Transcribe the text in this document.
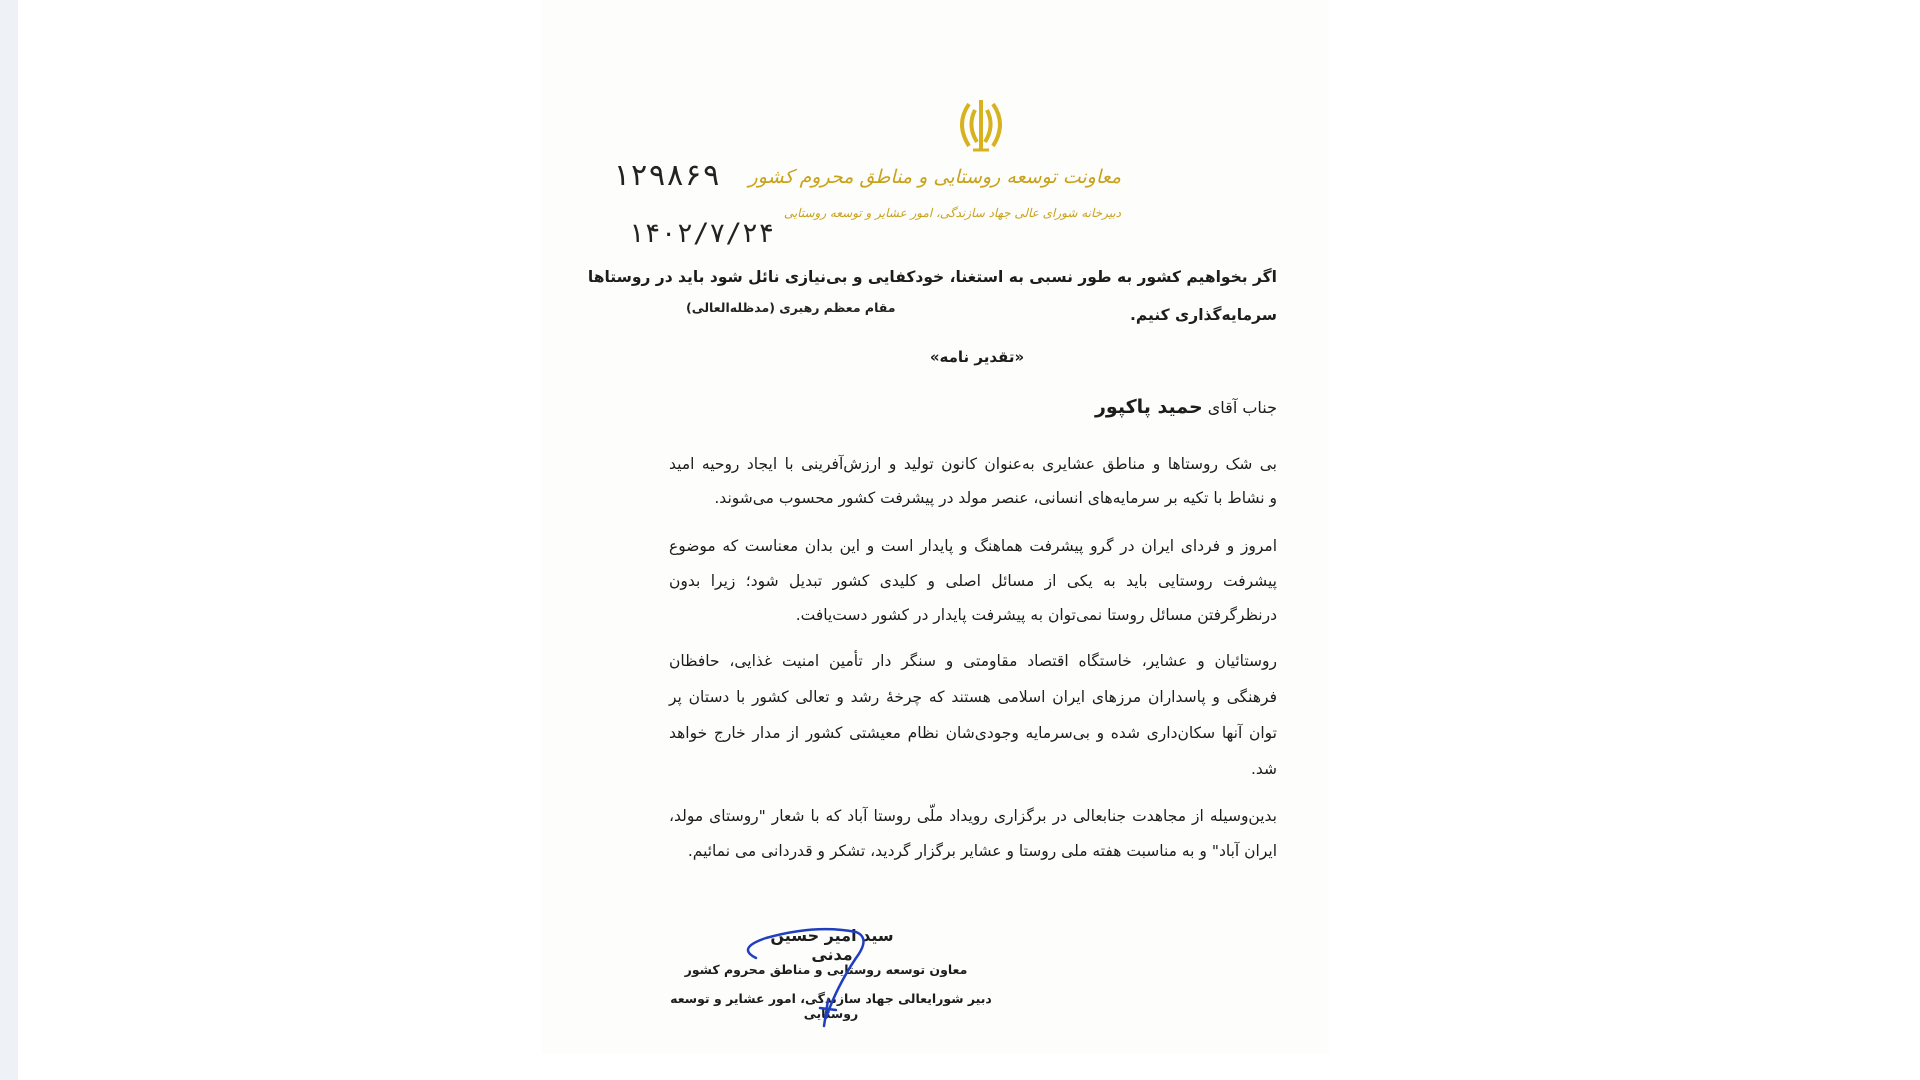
معاونت توسعه روستایی و مناطق محروم کشور
دبیرخانه شورای عالی جهاد سازندگی، امور عشایر و توسعه روستایی
۱۲۹۸۶۹
۱۴۰۲/۷/۲۴
اگر بخواهیم کشور به طور نسبی به استغنا، خودکفایی و بی‌نیازی نائل شود باید در روستاها
سرمایه‌گذاری کنیم.
مقام معظم رهبری (مدظله‌العالی)
«تقدیر نامه»
جناب آقای حمید پاکپور
بی شک روستاها و مناطق عشایری به‌عنوان کانون تولید و ارزش‌آفرینی با ایجاد روحیه امید
و نشاط با تکیه بر سرمایه‌های انسانی، عنصر مولد در پیشرفت کشور محسوب می‌شوند.
امروز و فردای ایران در گرو پیشرفت هماهنگ و پایدار است و این بدان معناست که موضوع
پیشرفت روستایی باید به یکی از مسائل اصلی و کلیدی کشور تبدیل شود؛ زیرا بدون
درنظرگرفتن مسائل روستا نمی‌توان به پیشرفت پایدار در کشور دست‌یافت.
روستائیان و عشایر، خاستگاه اقتصاد مقاومتی و سنگر دار تأمین امنیت غذایی، حافظان
فرهنگی و پاسداران مرزهای ایران اسلامی هستند که چرخهٔ رشد و تعالی کشور با دستان پر
توان آنها سکان‌داری شده و بی‌سرمایه وجودی‌شان نظام معیشتی کشور از مدار خارج خواهد
شد.
بدین‌وسیله از مجاهدت جنابعالی در برگزاری رویداد ملّی روستا آباد که با شعار "روستای مولد،
ایران آباد" و به مناسبت هفته ملی روستا و عشایر برگزار گردید، تشکر و قدردانی می نمائیم.
سید امیر حسین مدنی
معاون توسعه روستایی و مناطق محروم کشور
دبیر شورایعالی جهاد سازندگی، امور عشایر و توسعه روستایی
